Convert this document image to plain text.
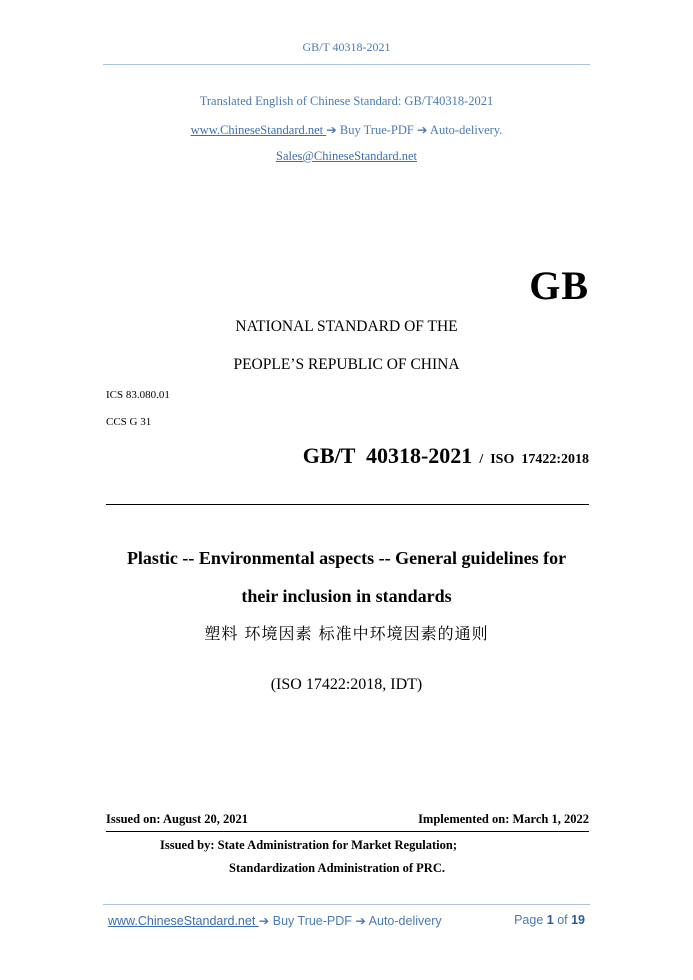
GB/T 40318-2021
Translated English of Chinese Standard: GB/T40318-2021
www.ChineseStandard.net ➔ Buy True-PDF ➔ Auto-delivery.
Sales@ChineseStandard.net
GB
NATIONAL STANDARD OF THE
PEOPLE’S REPUBLIC OF CHINA
ICS 83.080.01
CCS G 31
GB/T  40318-2021  /  ISO  17422:2018
Plastic -- Environmental aspects -- General guidelines for
their inclusion in standards
塑料 环境因素 标准中环境因素的通则
(ISO 17422:2018, IDT)
Issued on: August 20, 2021	Implemented on: March 1, 2022
Issued by: State Administration for Market Regulation;
Standardization Administration of PRC.
www.ChineseStandard.net ➔ Buy True-PDF ➔ Auto-delivery	Page 1 of 19
